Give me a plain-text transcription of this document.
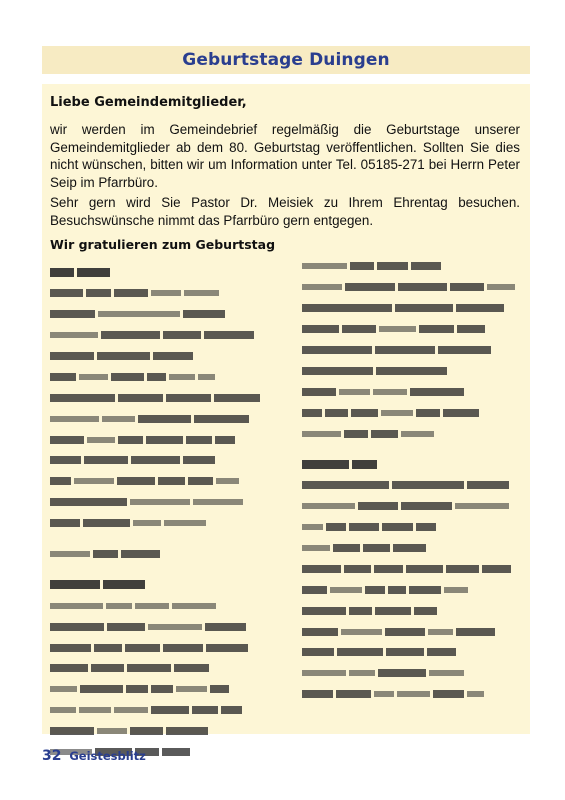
Geburtstage Duingen
Liebe Gemeindemitglieder,
wir werden im Gemeindebrief regelmäßig die Geburtstage unserer Gemeindemitglieder ab dem 80. Geburtstag veröffentlichen. Sollten Sie dies nicht wünschen, bitten wir um Information unter Tel. 05185-271 bei Herrn Peter Seip im Pfarrbüro.
Sehr gern wird Sie Pastor Dr. Meisiek zu Ihrem Ehrentag besuchen. Besuchswünsche nimmt das Pfarrbüro gern entgegen.
Wir gratulieren zum Geburtstag
32 Geistesblitz
